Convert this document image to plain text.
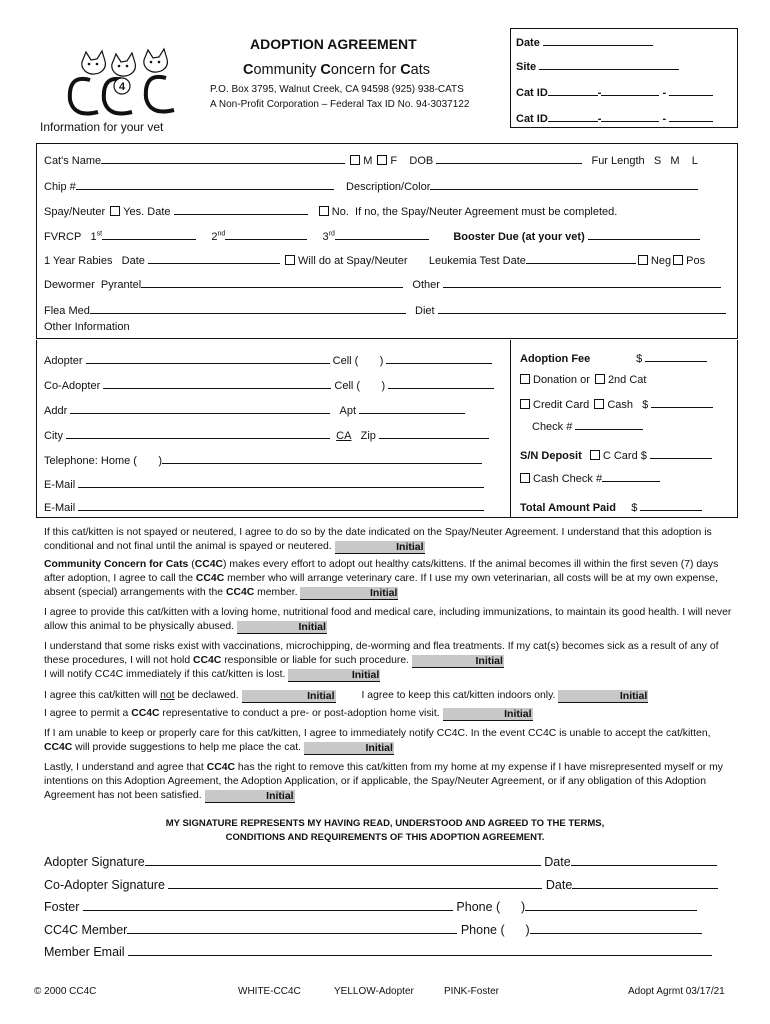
4
ADOPTION AGREEMENT
Community Concern for Cats
P.O. Box 3795, Walnut Creek, CA 94598 (925) 938-CATS
A Non-Profit Corporation – Federal Tax ID No. 94-3037122
Information for your vet
Date
Site
Cat ID	-	-
Cat ID	-	-
Cat's Name	M F DOB	Fur Length S M L
Chip #	Description/Color
Spay/Neuter Yes. Date	No. If no, the Spay/Neuter Agreement must be completed.
FVRCP 1st	2nd	3rd	Booster Due (at your vet)
1 Year Rabies Date	Will do at Spay/Neuter Leukemia Test Date	Neg Pos
Dewormer Pyrantel	Other
Flea Med	Diet
Other Information
Adopter	Cell ( )
Co-Adopter	Cell ( )
Addr	Apt
City	CA Zip
Telephone: Home ( )
E-Mail
E-Mail
Adoption Fee	$
Donation or 2nd Cat
Credit Card Cash $
Check #
S/N Deposit C Card $
Cash Check #
Total Amount Paid $
If this cat/kitten is not spayed or neutered, I agree to do so by the date indicated on the Spay/Neuter Agreement. I understand that this adoption is conditional and not final until the animal is spayed or neutered.	Initial
Community Concern for Cats (CC4C) makes every effort to adopt out healthy cats/kittens. If the animal becomes ill within the first seven (7) days after adoption, I agree to call the CC4C member who will arrange veterinary care. If I use my own veterinarian, all costs will be at my own expense, absent (special) arrangements with the CC4C member.	Initial
I agree to provide this cat/kitten with a loving home, nutritional food and medical care, including immunizations, to maintain its good health. I will never allow this animal to be physically abused.	Initial
I understand that some risks exist with vaccinations, microchipping, de-worming and flea treatments. If my cat(s) becomes sick as a result of any of these procedures, I will not hold CC4C responsible or liable for such procedure.	Initial
I will notify CC4C immediately if this cat/kitten is lost.	Initial
I agree this cat/kitten will not be declawed.	Initial	I agree to keep this cat/kitten indoors only.	Initial
I agree to permit a CC4C representative to conduct a pre- or post-adoption home visit.	Initial
If I am unable to keep or properly care for this cat/kitten, I agree to immediately notify CC4C. In the event CC4C is unable to accept the cat/kitten, CC4C will provide suggestions to help me place the cat.	Initial
Lastly, I understand and agree that CC4C has the right to remove this cat/kitten from my home at my expense if I have misrepresented myself or my intentions on this Adoption Agreement, the Adoption Application, or if applicable, the Spay/Neuter Agreement, or if any obligation of this Adoption Agreement has not been satisfied.	Initial
MY SIGNATURE REPRESENTS MY HAVING READ, UNDERSTOOD AND AGREED TO THE TERMS,
CONDITIONS AND REQUIREMENTS OF THIS ADOPTION AGREEMENT.
Adopter Signature	Date
Co-Adopter Signature	Date
Foster	Phone ( )
CC4C Member	Phone ( )
Member Email
© 2000 CC4C	WHITE-CC4C	YELLOW-Adopter	PINK-Foster	Adopt Agrmt 03/17/21
